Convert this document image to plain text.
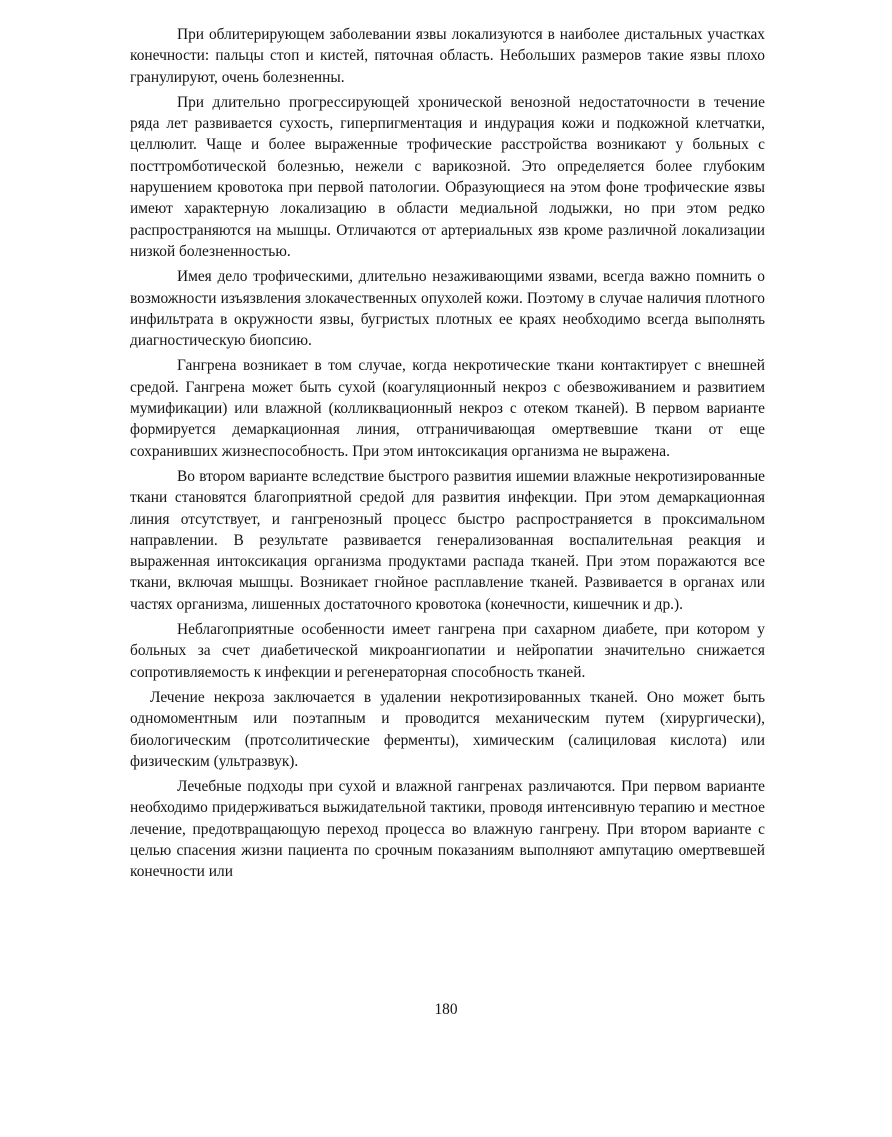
При облитерирующем заболевании язвы локализуются в наиболее дистальных участках конечности: пальцы стоп и кистей, пяточная область. Небольших размеров такие язвы плохо гранулируют, очень болезненны.

При длительно прогрессирующей хронической венозной недостаточности в течение ряда лет развивается сухость, гиперпигментация и индурация кожи и подкожной клетчатки, целлюлит. Чаще и более выраженные трофические расстройства возникают у больных с посттромботической болезнью, нежели с варикозной. Это определяется более глубоким нарушением кровотока при первой патологии. Образующиеся на этом фоне трофические язвы имеют характерную локализацию в области медиальной лодыжки, но при этом редко распространяются на мышцы. Отличаются от артериальных язв кроме различной локализации низкой болезненностью.

Имея дело трофическими, длительно незаживающими язвами, всегда важно помнить о возможности изъязвления злокачественных опухолей кожи. Поэтому в случае наличия плотного инфильтрата в окружности язвы, бугристых плотных ее краях необходимо всегда выполнять диагностическую биопсию.

Гангрена возникает в том случае, когда некротические ткани контактирует с внешней средой. Гангрена может быть сухой (коагуляционный некроз с обезвоживанием и развитием мумификации) или влажной (колликвационный некроз с отеком тканей). В первом варианте формируется демаркационная линия, отграничивающая омертвевшие ткани от еще сохранивших жизнеспособность. При этом интоксикация организма не выражена.

Во втором варианте вследствие быстрого развития ишемии влажные некротизированные ткани становятся благоприятной средой для развития инфекции. При этом демаркационная линия отсутствует, и гангренозный процесс быстро распространяется в проксимальном направлении. В результате развивается генерализованная воспалительная реакция и выраженная интоксикация организма продуктами распада тканей. При этом поражаются все ткани, включая мышцы. Возникает гнойное расплавление тканей. Развивается в органах или частях организма, лишенных достаточного кровотока (конечности, кишечник и др.).

Неблагоприятные особенности имеет гангрена при сахарном диабете, при котором у больных за счет диабетической микроангиопатии и нейропатии значительно снижается сопротивляемость к инфекции и регенераторная способность тканей.

Лечение некроза заключается в удалении некротизированных тканей. Оно может быть одномоментным или поэтапным и проводится механическим путем (хирургически), биологическим (протсолитические ферменты), химическим (салициловая кислота) или физическим (ультразвук).

Лечебные подходы при сухой и влажной гангренах различаются. При первом варианте необходимо придерживаться выжидательной тактики, проводя интенсивную терапию и местное лечение, предотвращающую переход процесса во влажную гангрену. При втором варианте с целью спасения жизни пациента по срочным показаниям выполняют ампутацию омертвевшей конечности или

180
